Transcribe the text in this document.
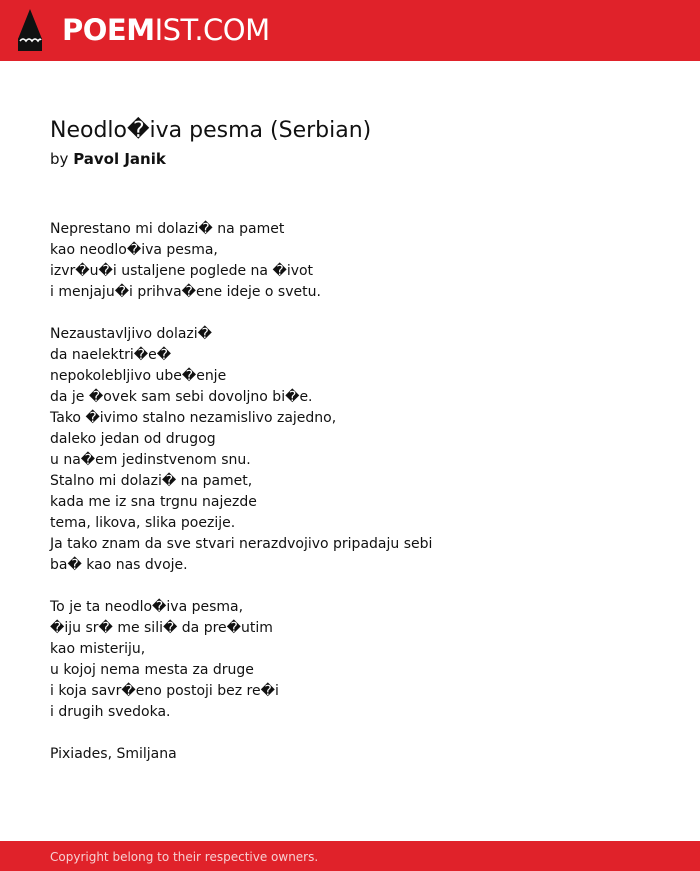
POEMIST.COM
Neodlo�iva pesma (Serbian)
by Pavol Janik
Neprestano mi dolazi� na pamet
kao neodlo�iva pesma,
izvr�u�i ustaljene poglede na �ivot
i menjaju�i prihva�ene ideje o svetu.
Nezaustavljivo dolazi�
da naelektri�e�
nepokolebljivo ube�enje
da je �ovek sam sebi dovoljno bi�e.
Tako �ivimo stalno nezamislivo zajedno,
daleko jedan od drugog
u na�em jedinstvenom snu.
Stalno mi dolazi� na pamet,
kada me iz sna trgnu najezde
tema, likova, slika poezije.
Ja tako znam da sve stvari nerazdvojivo pripadaju sebi
ba� kao nas dvoje.
To je ta neodlo�iva pesma,
�iju sr� me sili� da pre�utim
kao misteriju,
u kojoj nema mesta za druge
i koja savr�eno postoji bez re�i
i drugih svedoka.
Pixiades, Smiljana
Copyright belong to their respective owners.
